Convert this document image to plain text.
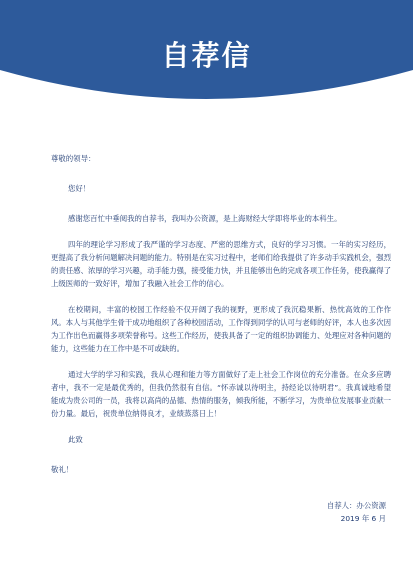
自荐信

尊敬的领导：

您好！

感谢您百忙中垂阅我的自荐书，我叫办公资源，是上海财经大学即将毕业的本科生。

四年的理论学习形成了我严谨的学习态度、严密的思维方式，良好的学习习惯。一年的实习经历，更提高了我分析问题解决问题的能力。特别是在实习过程中，老师们给我提供了许多动手实践机会，强烈的责任感、浓厚的学习兴趣，动手能力强，接受能力快，并且能够出色的完成各项工作任务，使我赢得了上级医师的一致好评，增加了我融入社会工作的信心。

在校期间，丰富的校园工作经验不仅开阔了我的视野，更形成了我沉稳果断、热忱高效的工作作风。本人与其他学生骨干成功地组织了各种校园活动，工作得到同学的认可与老师的好评，本人也多次因为工作出色而赢得多项荣誉称号。这些工作经历，使我具备了一定的组织协调能力、处理应对各种问题的能力，这些能力在工作中是不可或缺的。

通过大学的学习和实践，我从心理和能力等方面做好了走上社会工作岗位的充分准备。在众多应聘者中，我不一定是最优秀的，但我仍然很有自信。“怀赤诚以待明主，持经论以待明君”。我真诚地希望能成为贵公司的一员，我将以高尚的品德、热情的服务，倾我所能，不断学习，为贵单位发展事业贡献一份力量。最后，祝贵单位纳得良才，业绩蒸蒸日上！

此致

敬礼！

自荐人：办公资源
2019 年 6 月
